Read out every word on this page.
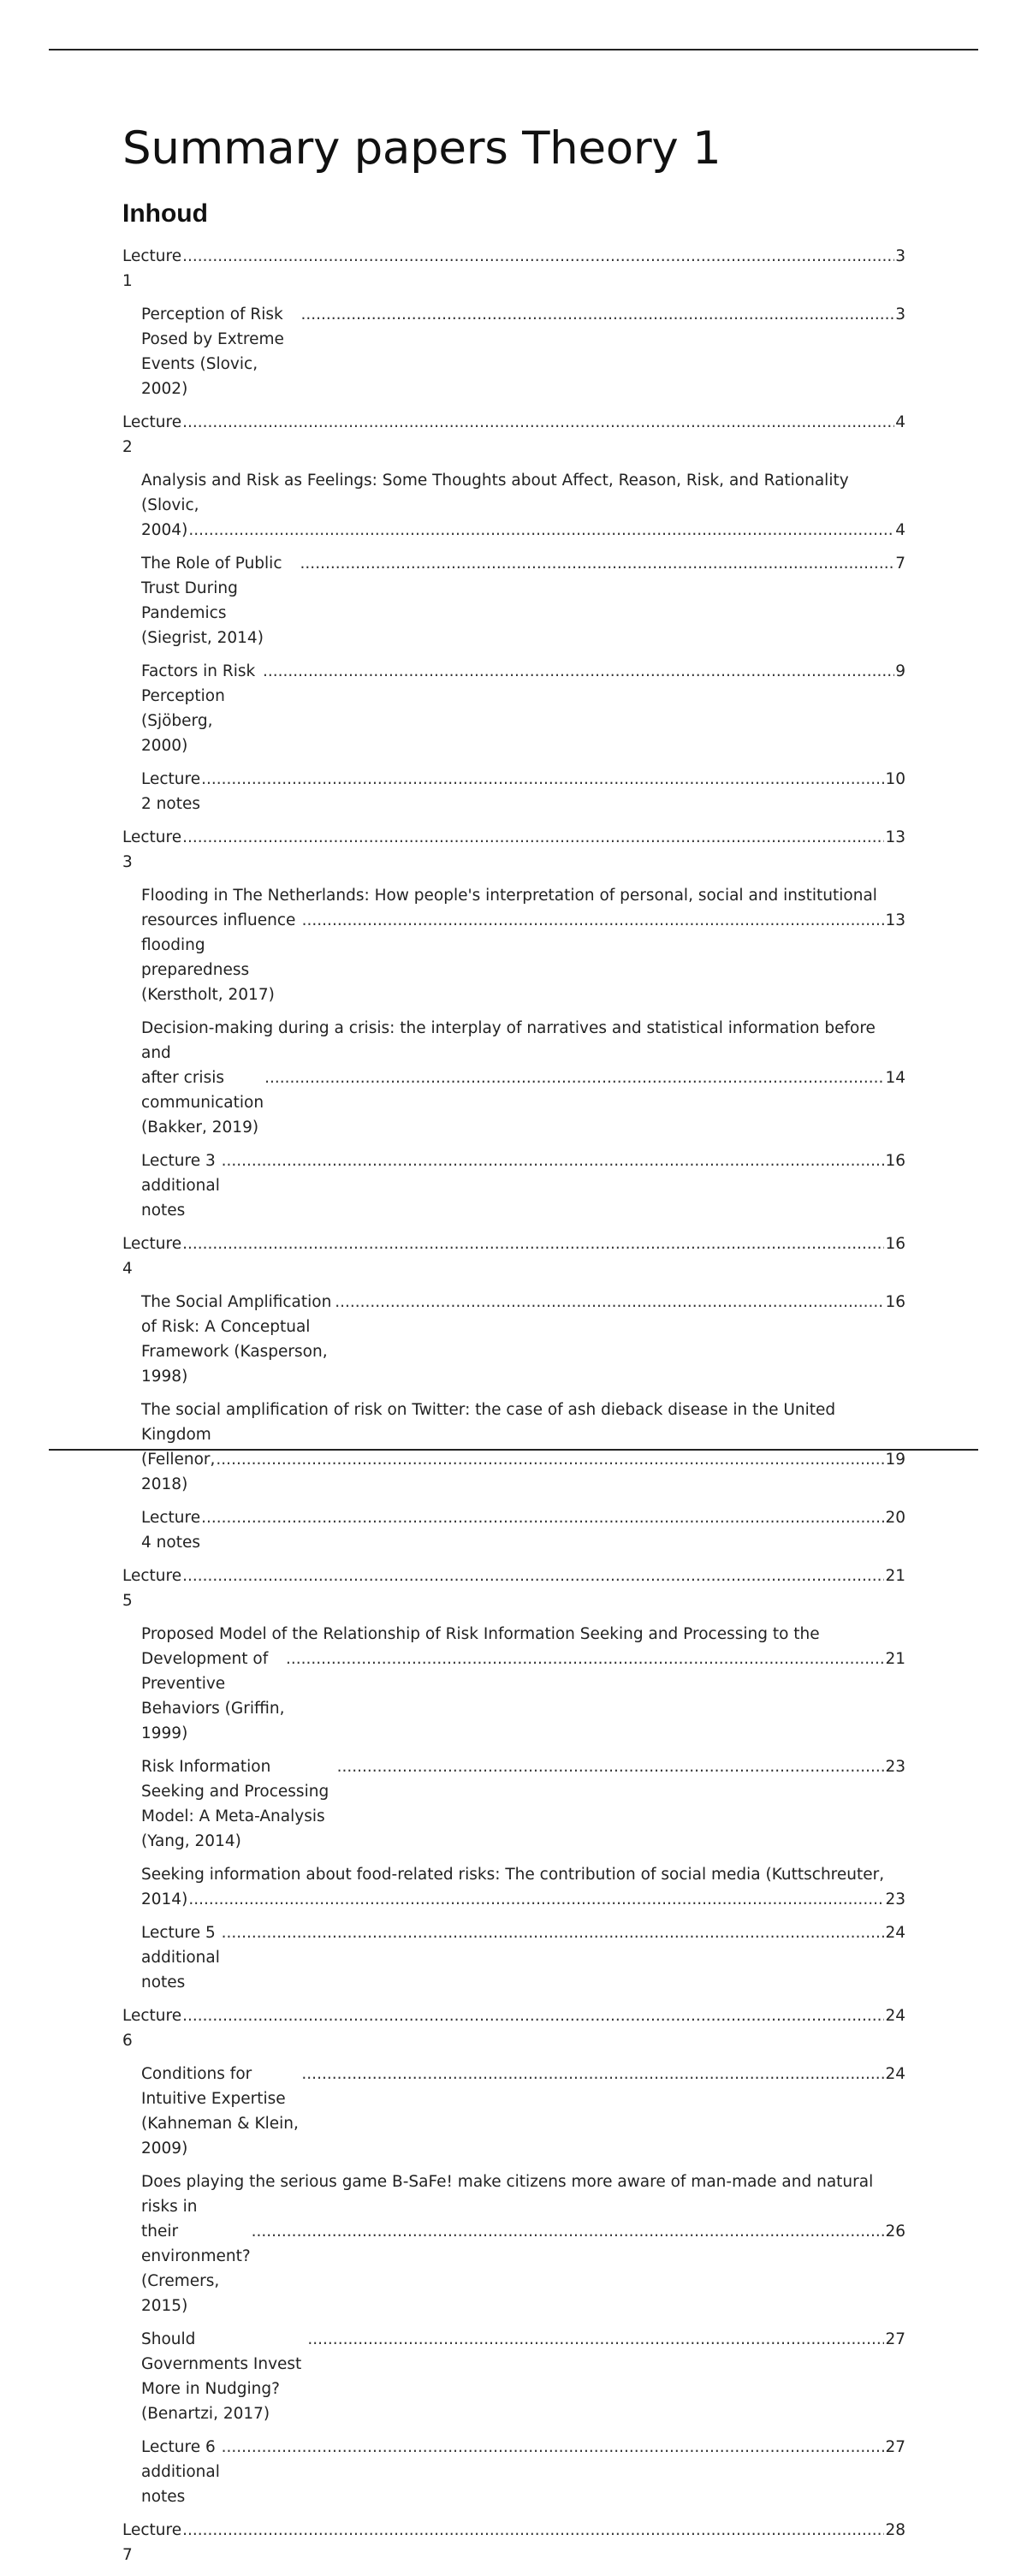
Summary papers Theory 1
Inhoud
Lecture 1
.....
3
Perception of Risk Posed by Extreme Events (Slovic, 2002)
.....
3
Lecture 2
.....
4
Analysis and Risk as Feelings: Some Thoughts about Affect, Reason, Risk, and Rationality (Slovic,
2004) .....	4
The Role of Public Trust During Pandemics (Siegrist, 2014)
.....
7
Factors in Risk Perception (Sjöberg, 2000)
.....
9
Lecture 2 notes
.....
10
Lecture 3
.....
13
Flooding in The Netherlands: How people's interpretation of personal, social and institutional
resources influence flooding preparedness (Kerstholt, 2017)
.....
13
Decision-making during a crisis: the interplay of narratives and statistical information before and
after crisis communication (Bakker, 2019)
.....
14
Lecture 3 additional notes
.....
16
Lecture 4
.....
16
The Social Amplification of Risk: A Conceptual Framework (Kasperson, 1998)
.....
16
The social amplification of risk on Twitter: the case of ash dieback disease in the United Kingdom
(Fellenor, 2018)
.....
19
Lecture 4 notes
.....
20
Lecture 5
.....
21
Proposed Model of the Relationship of Risk Information Seeking and Processing to the
Development of Preventive Behaviors (Griffin, 1999)
.....
21
Risk Information Seeking and Processing Model: A Meta-Analysis (Yang, 2014)
.....
23
Seeking information about food-related risks: The contribution of social media (Kuttschreuter,
2014) .....	23
Lecture 5 additional notes
.....
24
Lecture 6
.....
24
Conditions for Intuitive Expertise (Kahneman & Klein, 2009)
.....
24
Does playing the serious game B-SaFe! make citizens more aware of man-made and natural risks in
their environment? (Cremers, 2015)
.....
26
Should Governments Invest More in Nudging? (Benartzi, 2017)
.....
27
Lecture 6 additional notes
.....
27
Lecture 7
.....
28
